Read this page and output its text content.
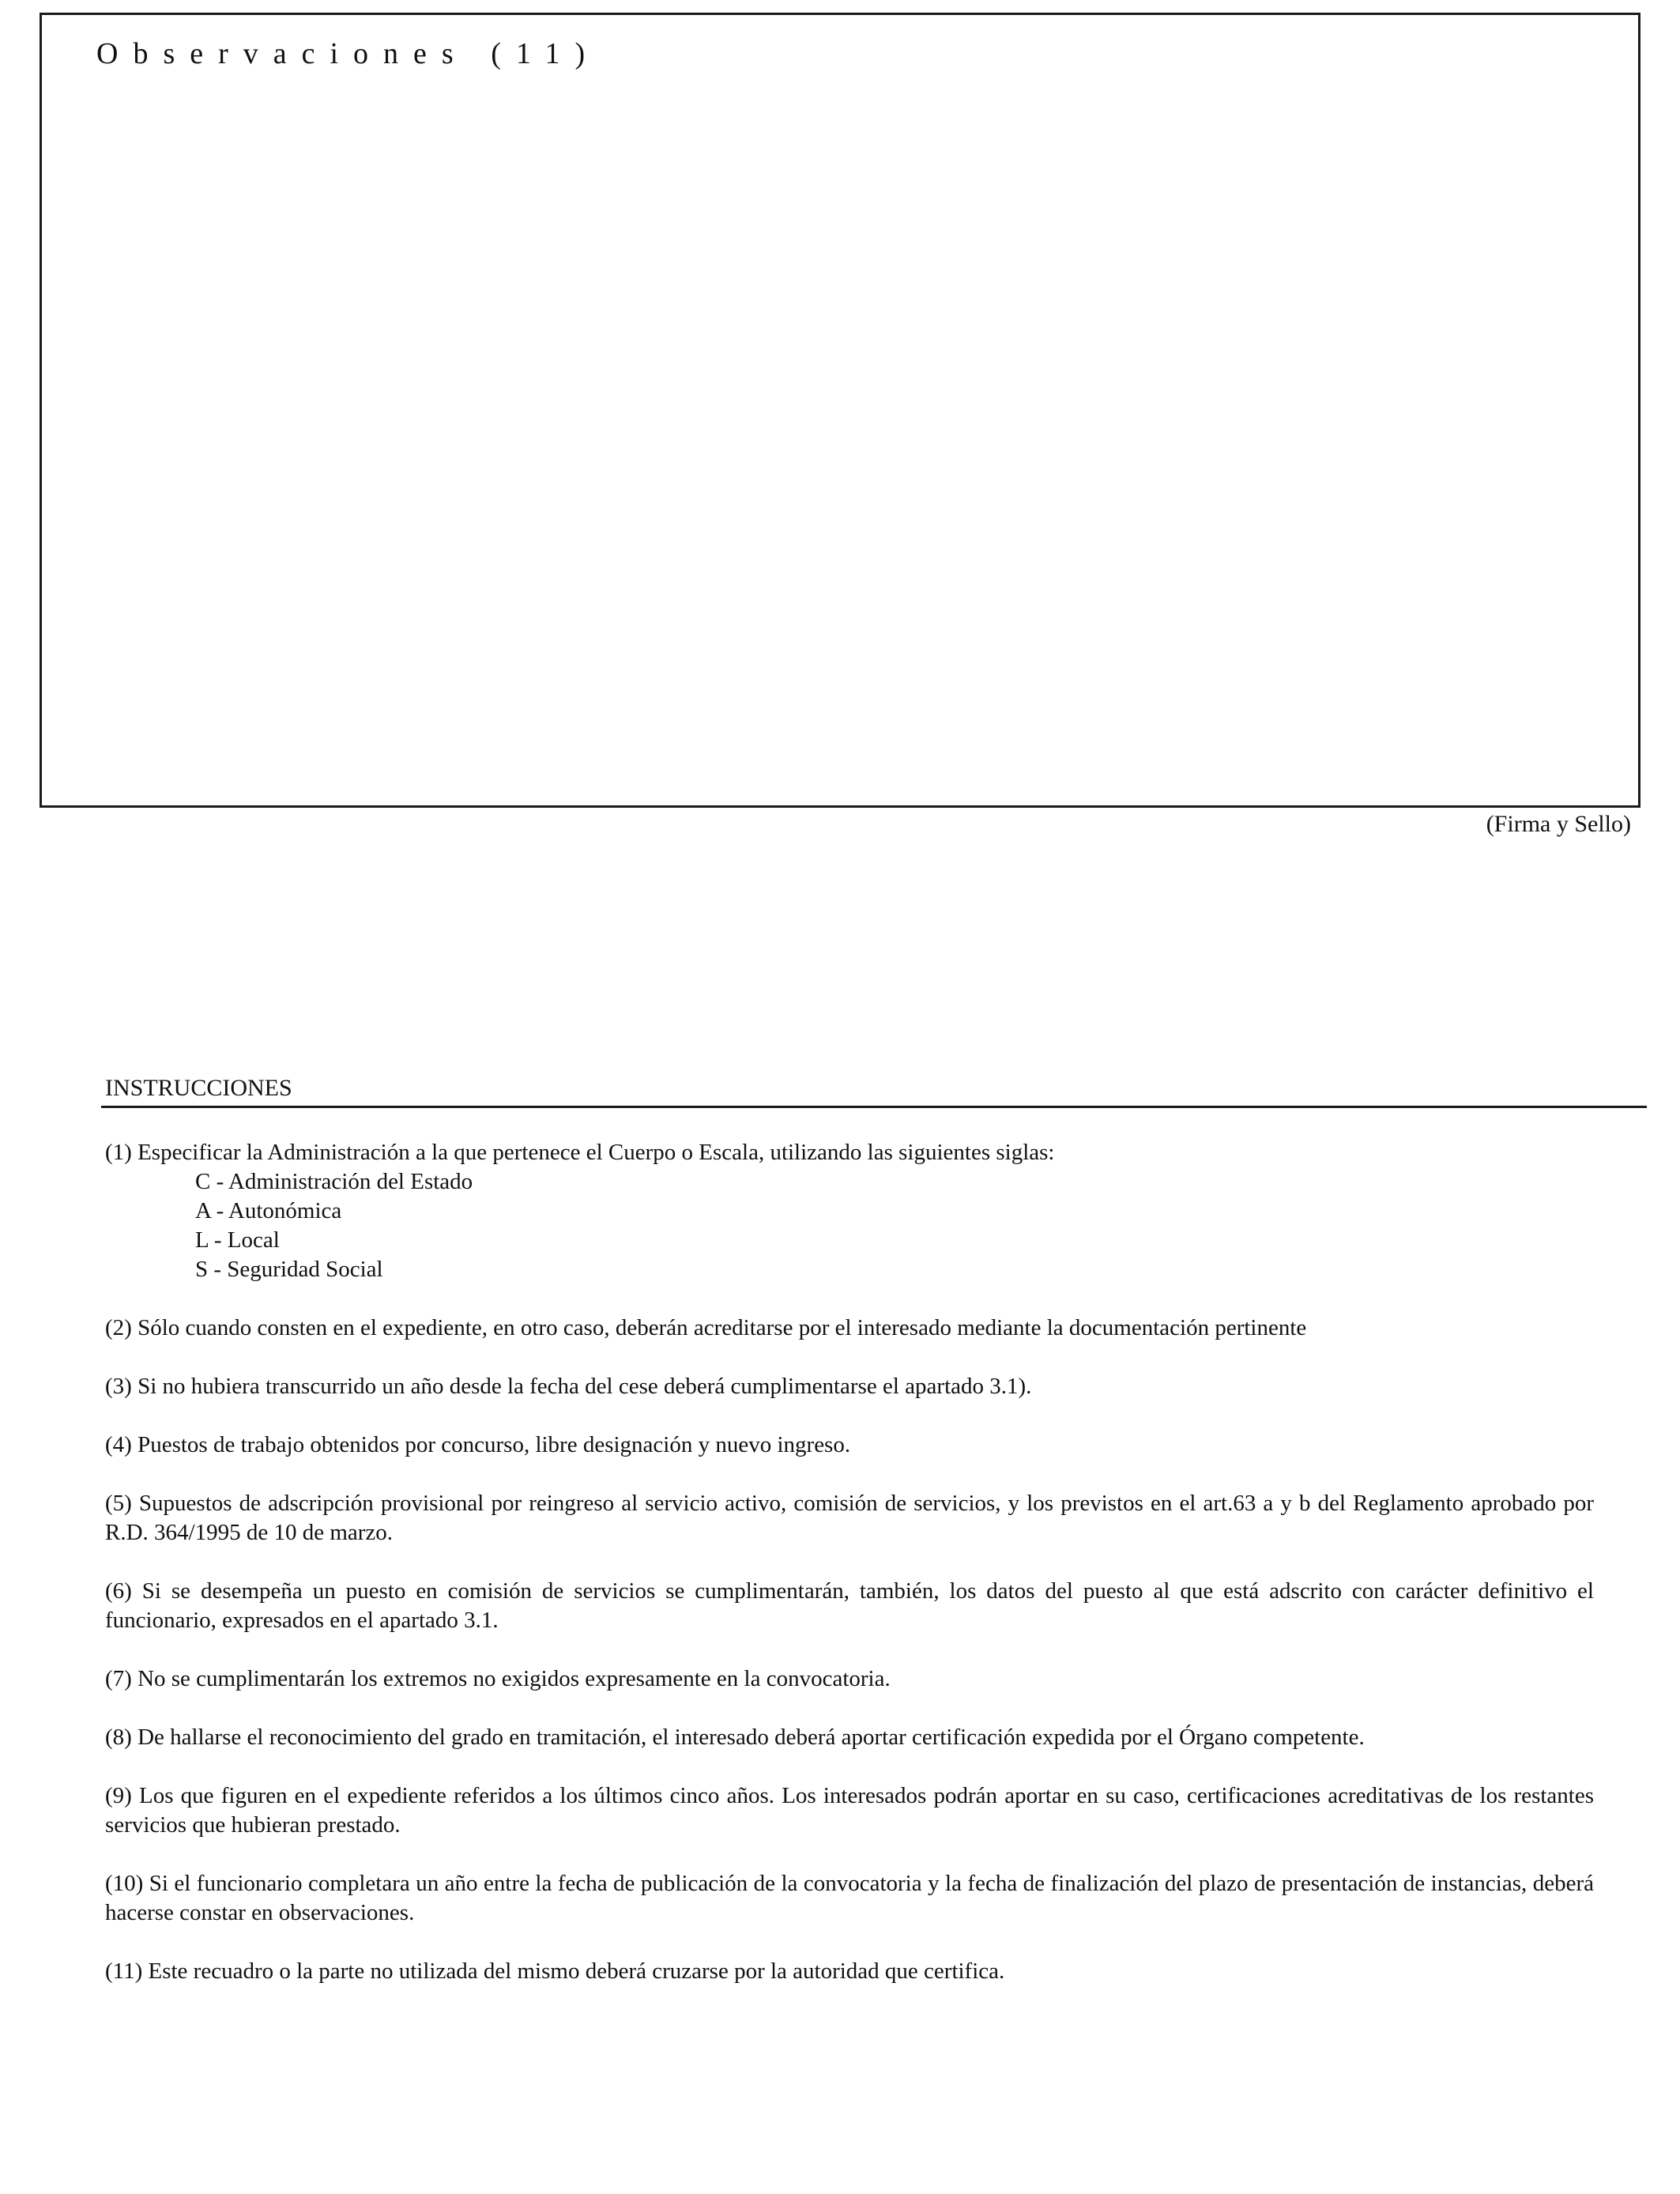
Observaciones (11)
(Firma y Sello)
INSTRUCCIONES
(1) Especificar la Administración a la que pertenece el Cuerpo o Escala, utilizando las siguientes siglas:
C - Administración del Estado
A - Autonómica
L - Local
S - Seguridad Social
(2) Sólo cuando consten en el expediente, en otro caso, deberán acreditarse por el interesado mediante la documentación pertinente
(3) Si no hubiera transcurrido un año desde la fecha del cese deberá cumplimentarse el apartado 3.1).
(4) Puestos de trabajo obtenidos por concurso, libre designación y nuevo ingreso.
(5) Supuestos de adscripción provisional por reingreso al servicio activo, comisión de servicios, y los previstos en el art.63 a y b del Reglamento aprobado por R.D. 364/1995 de 10 de marzo.
(6) Si se desempeña un puesto en comisión de servicios se cumplimentarán, también, los datos del puesto al que está adscrito con carácter definitivo el funcionario, expresados en el apartado 3.1.
(7) No se cumplimentarán los extremos no exigidos expresamente en la convocatoria.
(8) De hallarse el reconocimiento del grado en tramitación, el interesado deberá aportar certificación expedida por el Órgano competente.
(9) Los que figuren en el expediente referidos a los últimos cinco años. Los interesados podrán aportar en su caso, certificaciones acreditativas de los restantes servicios que hubieran prestado.
(10) Si el funcionario completara un año entre la fecha de publicación de la convocatoria y la fecha de finalización del plazo de presentación de instancias, deberá hacerse constar en observaciones.
(11) Este recuadro o la parte no utilizada del mismo deberá cruzarse por la autoridad que certifica.
